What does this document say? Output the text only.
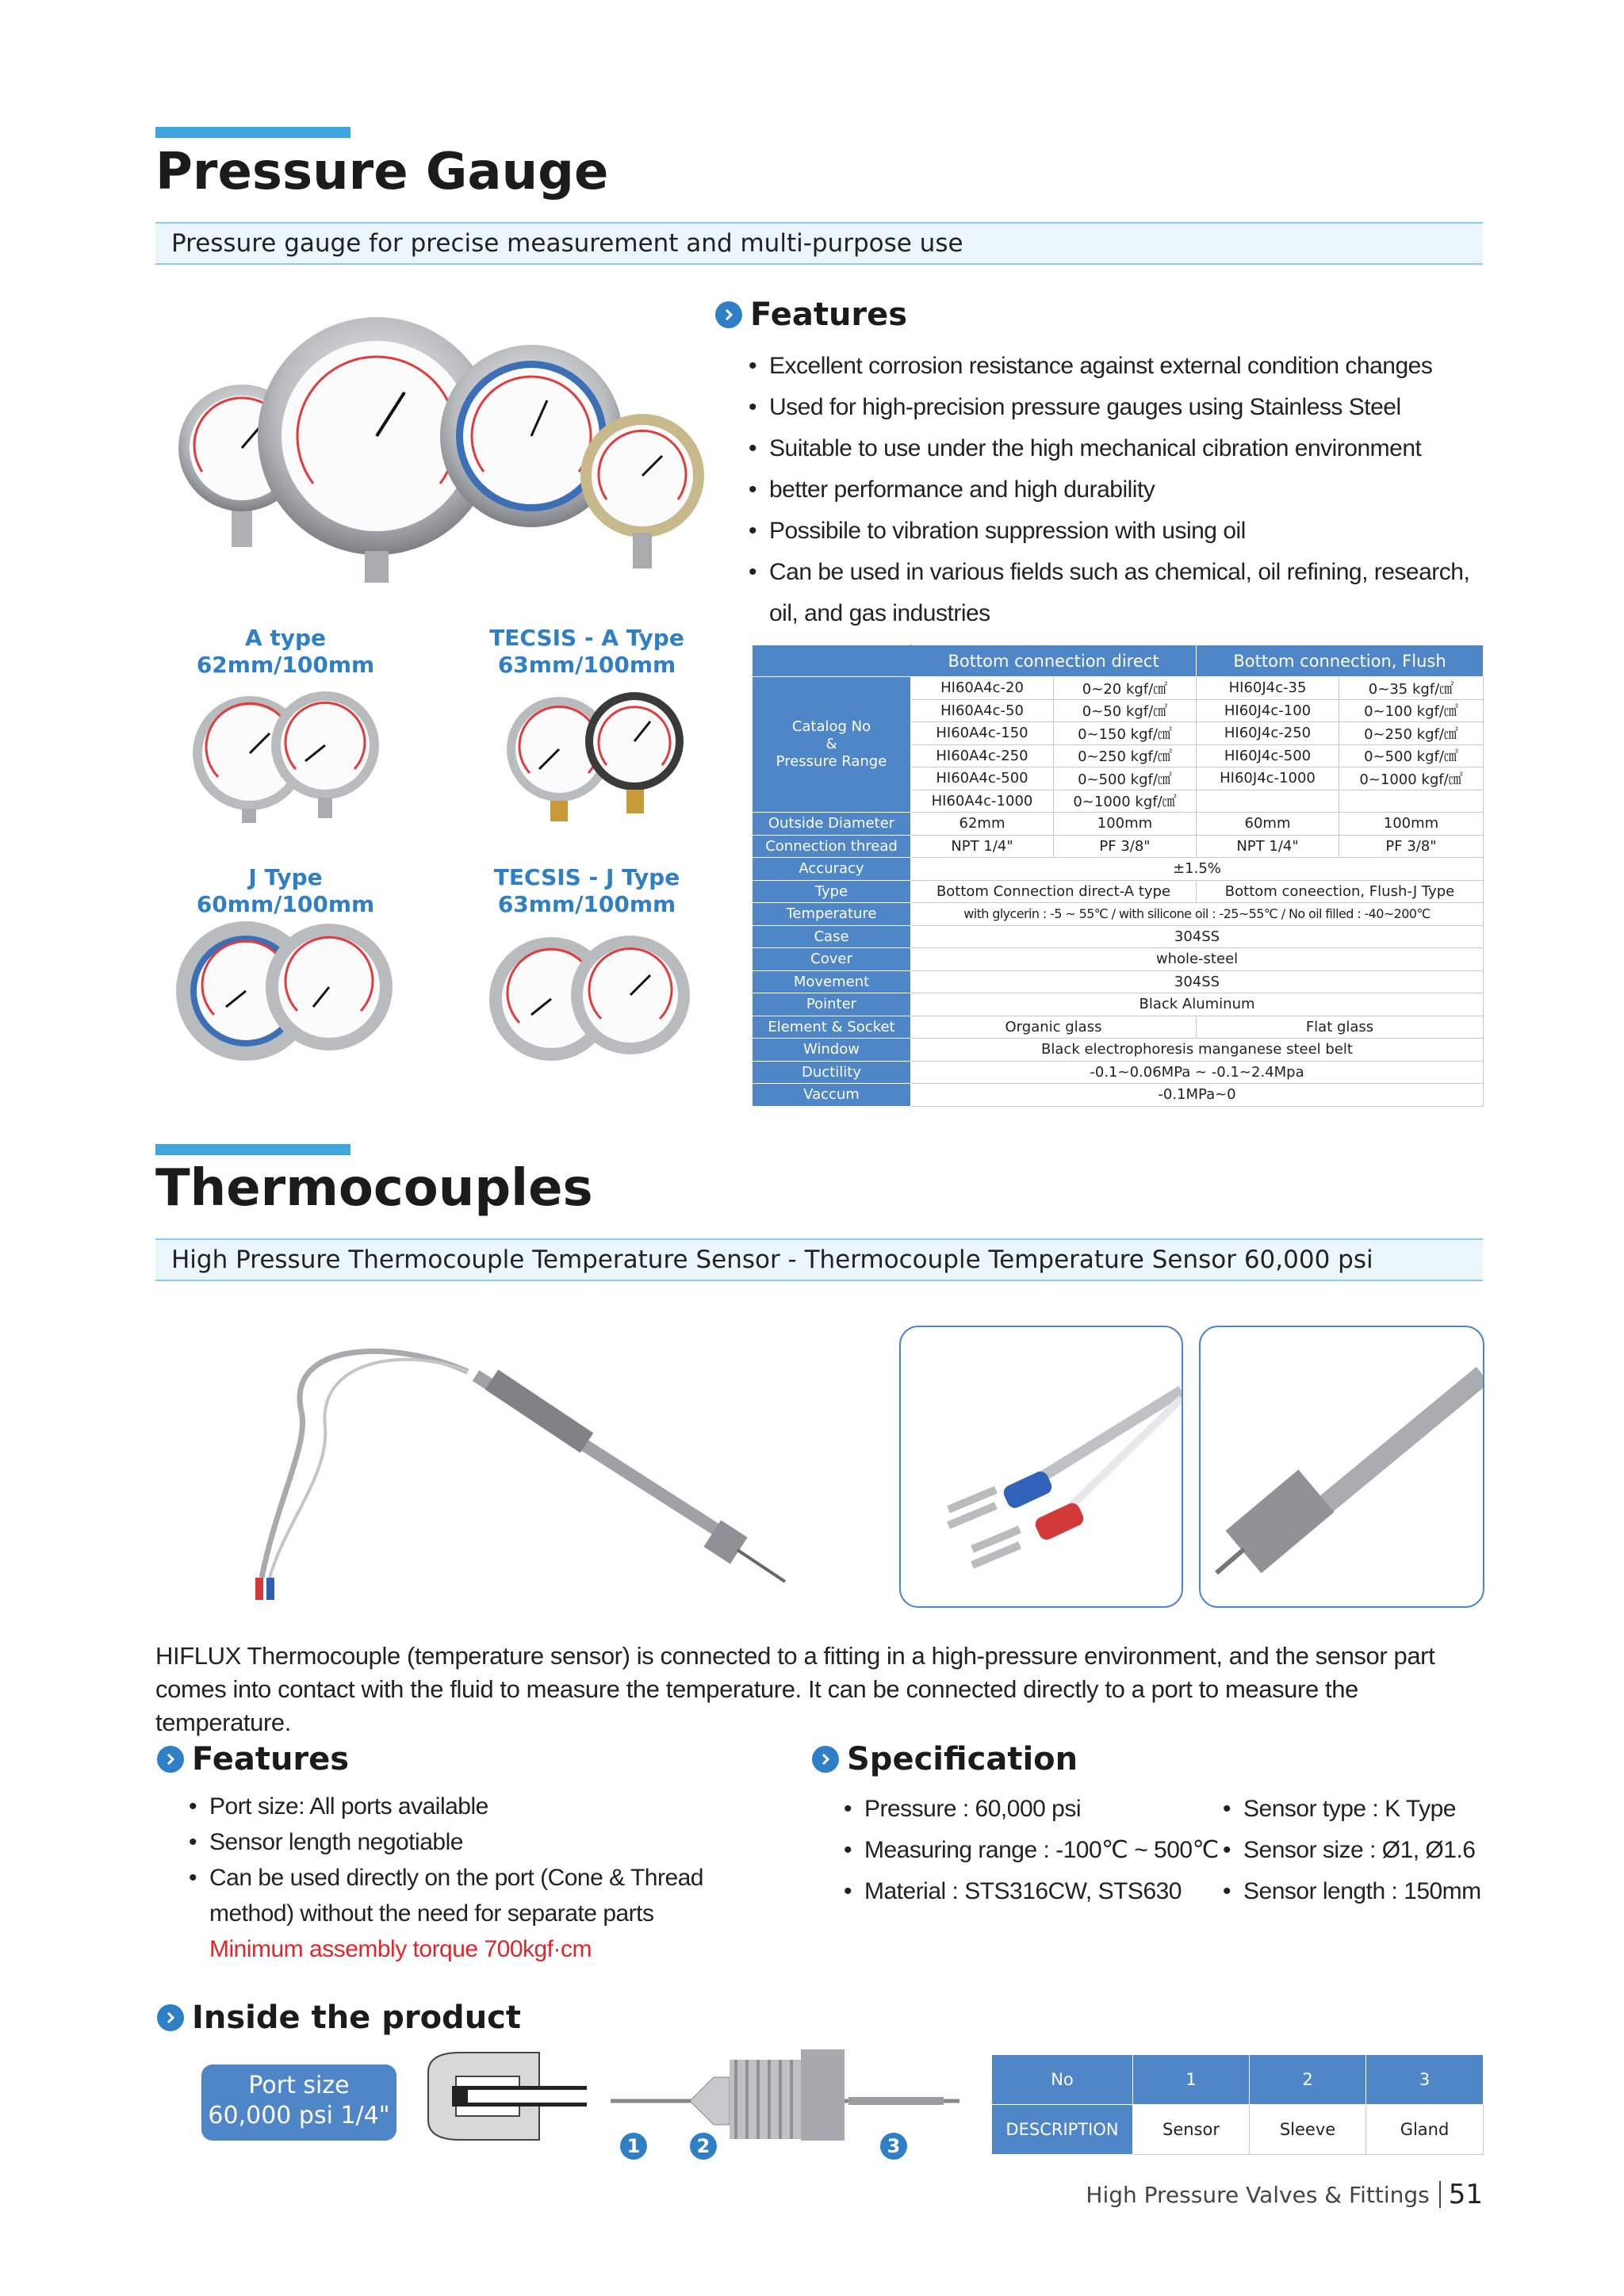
Pressure Gauge
Pressure gauge for precise measurement and multi-purpose use
A type
62mm/100mm
TECSIS - A Type
63mm/100mm
J Type
60mm/100mm
TECSIS - J Type
63mm/100mm
Features
• Excellent corrosion resistance against external condition changes
• Used for high-precision pressure gauges using Stainless Steel
• Suitable to use under the high mechanical cibration environment
• better performance and high durability
• Possibile to vibration suppression with using oil
• Can be used in various fields such as chemical, oil refining, research, oil, and gas industries
	Bottom connection direct		Bottom connection, Flush	

Catalog No
&
Pressure Range	HI60A4c-20	0~20 kgf/㎠	HI60J4c-35	0~35 kgf/㎠
	HI60A4c-50	0~50 kgf/㎠	HI60J4c-100	0~100 kgf/㎠
	HI60A4c-150	0~150 kgf/㎠	HI60J4c-250	0~250 kgf/㎠
	HI60A4c-250	0~250 kgf/㎠	HI60J4c-500	0~500 kgf/㎠
	HI60A4c-500	0~500 kgf/㎠	HI60J4c-1000	0~1000 kgf/㎠
	HI60A4c-1000	0~1000 kgf/㎠		
Outside Diameter	62mm	100mm	60mm	100mm
Connection thread	NPT 1/4"	PF 3/8"	NPT 1/4"	PF 3/8"
Accuracy	±1.5%			
Type	Bottom Connection direct-A type		Bottom coneection, Flush-J Type	
Temperature	with glycerin : -5 ~ 55℃ / with silicone oil : -25~55℃ / No oil filled : -40~200℃			
Case	304SS			
Cover	whole-steel			
Movement	304SS			
Pointer	Black Aluminum			
Element & Socket	Organic glass		Flat glass	
Window	Black electrophoresis manganese steel belt			
Ductility	-0.1~0.06MPa ~ -0.1~2.4Mpa			
Vaccum	-0.1MPa~0			
Thermocouples
High Pressure Thermocouple Temperature Sensor - Thermocouple Temperature Sensor 60,000 psi
HIFLUX Thermocouple (temperature sensor) is connected to a fitting in a high-pressure environment, and the sensor part comes into contact with the fluid to measure the temperature. It can be connected directly to a port to measure the temperature.
Features
• Port size: All ports available
• Sensor length negotiable
• Can be used directly on the port (Cone & Thread method) without the need for separate parts
Minimum assembly torque 700kgf·cm
Specification
• Pressure : 60,000 psi
• Measuring range : -100℃ ~ 500℃
• Material : STS316CW, STS630
• Sensor type : K Type
• Sensor size : Ø1, Ø1.6
• Sensor length : 150mm
Inside the product
Port size
60,000 psi 1/4"
1	2	3
No	1	2	3
DESCRIPTION	Sensor	Sleeve	Gland
High Pressure Valves & Fittings 51
